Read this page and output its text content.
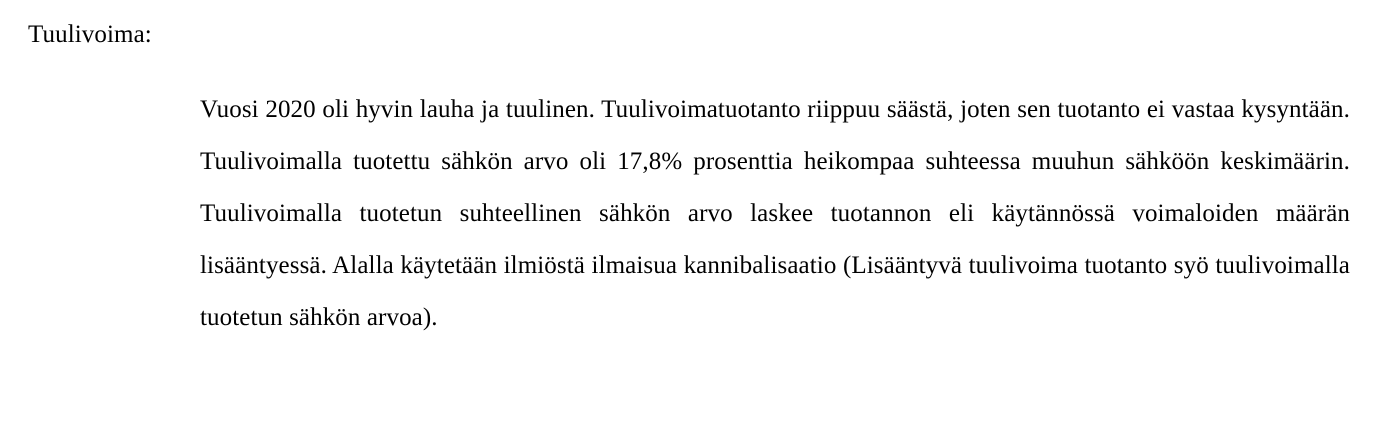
Tuulivoima:

Vuosi 2020 oli hyvin lauha ja tuulinen. Tuulivoimatuotanto riippuu säästä, joten sen tuotanto ei vastaa kysyntään. Tuulivoimalla tuotettu sähkön arvo oli 17,8% prosenttia heikompaa suhteessa muuhun sähköön keskimäärin. Tuulivoimalla tuotetun suhteellinen sähkön arvo laskee tuotannon eli käytännössä voimaloiden määrän lisääntyessä. Alalla käytetään ilmiöstä ilmaisua kannibalisaatio (Lisääntyvä tuulivoima tuotanto syö tuulivoimalla tuotetun sähkön arvoa).
